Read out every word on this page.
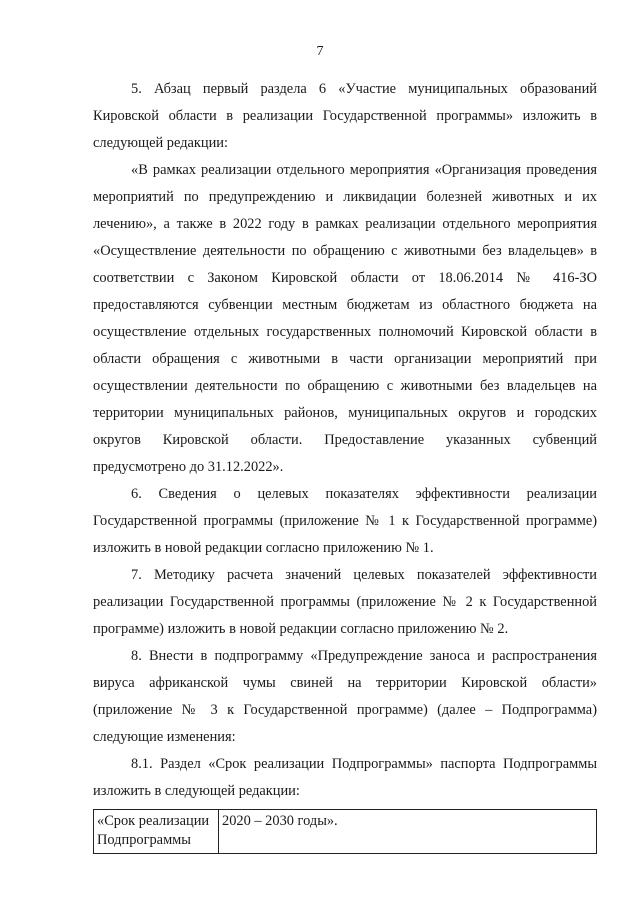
7

5. Абзац первый раздела 6 «Участие муниципальных образований Кировской области в реализации Государственной программы» изложить в следующей редакции:

«В рамках реализации отдельного мероприятия «Организация проведения мероприятий по предупреждению и ликвидации болезней животных и их лечению», а также в 2022 году в рамках реализации отдельного мероприятия «Осуществление деятельности по обращению с животными без владельцев» в соответствии с Законом Кировской области от 18.06.2014 № 416-ЗО предоставляются субвенции местным бюджетам из областного бюджета на осуществление отдельных государственных полномочий Кировской области в области обращения с животными в части организации мероприятий при осуществлении деятельности по обращению с животными без владельцев на территории муниципальных районов, муниципальных округов и городских округов Кировской области. Предоставление указанных субвенций предусмотрено до 31.12.2022».

6. Сведения о целевых показателях эффективности реализации Государственной программы (приложение № 1 к Государственной программе) изложить в новой редакции согласно приложению № 1.

7. Методику расчета значений целевых показателей эффективности реализации Государственной программы (приложение № 2 к Государственной программе) изложить в новой редакции согласно приложению № 2.

8. Внести в подпрограмму «Предупреждение заноса и распространения вируса африканской чумы свиней на территории Кировской области» (приложение № 3 к Государственной программе) (далее – Подпрограмма) следующие изменения:

8.1. Раздел «Срок реализации Подпрограммы» паспорта Подпрограммы изложить в следующей редакции:

«Срок реализации Подпрограммы	2020 – 2030 годы».
